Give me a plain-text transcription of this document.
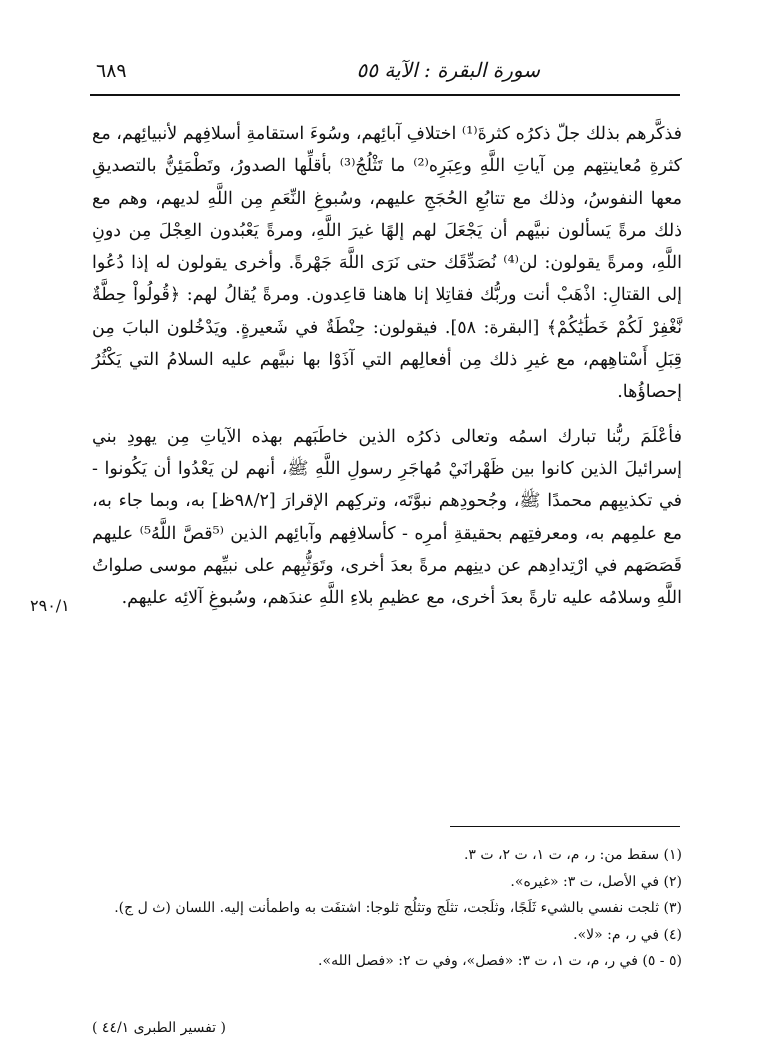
٦٨٩	سورة البقرة : الآية ٥٥

فذكَّرهم بذلك جلّ ذكرُه كثرةَ⁽¹⁾ اختلافِ آبائِهم، وسُوءَ استقامةِ أسلافِهم لأنبيائِهم، مع كثرةِ مُعاينتِهم مِن آياتِ اللَّهِ وعِبَرِه⁽²⁾ ما تَثْلُجُ⁽³⁾ بأقلِّها الصدورُ، وتَطْمَئِنُّ بالتصديقِ معها النفوسُ، وذلك مع تتابُعِ الحُجَجِ عليهم، وسُبوغِ النِّعَمِ مِن اللَّهِ لديهم، وهم مع ذلك مرةً يَسألون نبيَّهم أن يَجْعَلَ لهم إلهًا غيرَ اللَّهِ، ومرةً يَعْبُدون العِجْلَ مِن دونِ اللَّهِ، ومرةً يقولون: لن⁽⁴⁾ نُصَدِّقَك حتى نَرَى اللَّهَ جَهْرةً. وأخرى يقولون له إذا دُعُوا إلى القتالِ: اذْهَبْ أنت وربُّك فقاتِلا إنا هاهنا قاعِدون. ومرةً يُقالُ لهم: ﴿قُولُواْ حِطَّةٌ نَّغْفِرْ لَكُمْ خَطَٰيَٰكُمْ﴾ [البقرة: ٥٨]. فيقولون: حِنْطَةٌ في شَعيرةٍ. ويَدْخُلون البابَ مِن قِبَلِ أَسْتاهِهم، مع غيرِ ذلك مِن أفعالِهم التي آذَوْا بها نبيَّهم عليه السلامُ التي يَكْثُرُ إحصاؤُها.

فأعْلَمَ ربُّنا تبارك اسمُه وتعالى ذكرُه الذين خاطَبَهم بهذه الآياتِ مِن يهودِ بني إسرائيلَ الذين كانوا بين ظَهْرانَيْ مُهاجَرِ رسولِ اللَّهِ ﷺ، أنهم لن يَعْدُوا أن يَكُونوا - في تكذيبِهم محمدًا ﷺ، وجُحودِهم نبوَّتَه، وتركِهم الإقرارَ [٩٨/٢ظ] به، وبما جاء به، مع علمِهم به، ومعرفتِهم بحقيقةِ أمرِه - كأسلافِهم وآبائِهم الذين ⁽⁵قصَّ اللَّهُ⁵⁾ عليهم قَصَصَهم في ارْتِدادِهم عن دينِهم مرةً بعدَ أخرى، وتَوَثُّبِهم على نبيِّهم موسى صلواتُ اللَّهِ وسلامُه عليه تارةً بعدَ أخرى، مع عظيمِ بلاءِ اللَّهِ عندَهم، وسُبوغِ آلائِه عليهم.

٢٩٠/١

(١) سقط من: ر، م، ت ١، ت ٢، ت ٣.

(٢) في الأصل، ت ٣: «غيره».

(٣) ثلجت نفسي بالشيء ثَلَجًا، وثلَجت، تثلَج وتثلُج ثلوجا: اشتفَت به واطمأنت إليه. اللسان (ث ل ج).

(٤) في ر، م: «لا».

(٥ - ٥) في ر، م، ت ١، ت ٣: «فصل»، وفي ت ٢: «فصل الله».

( تفسير الطبرى ٤٤/١ )
